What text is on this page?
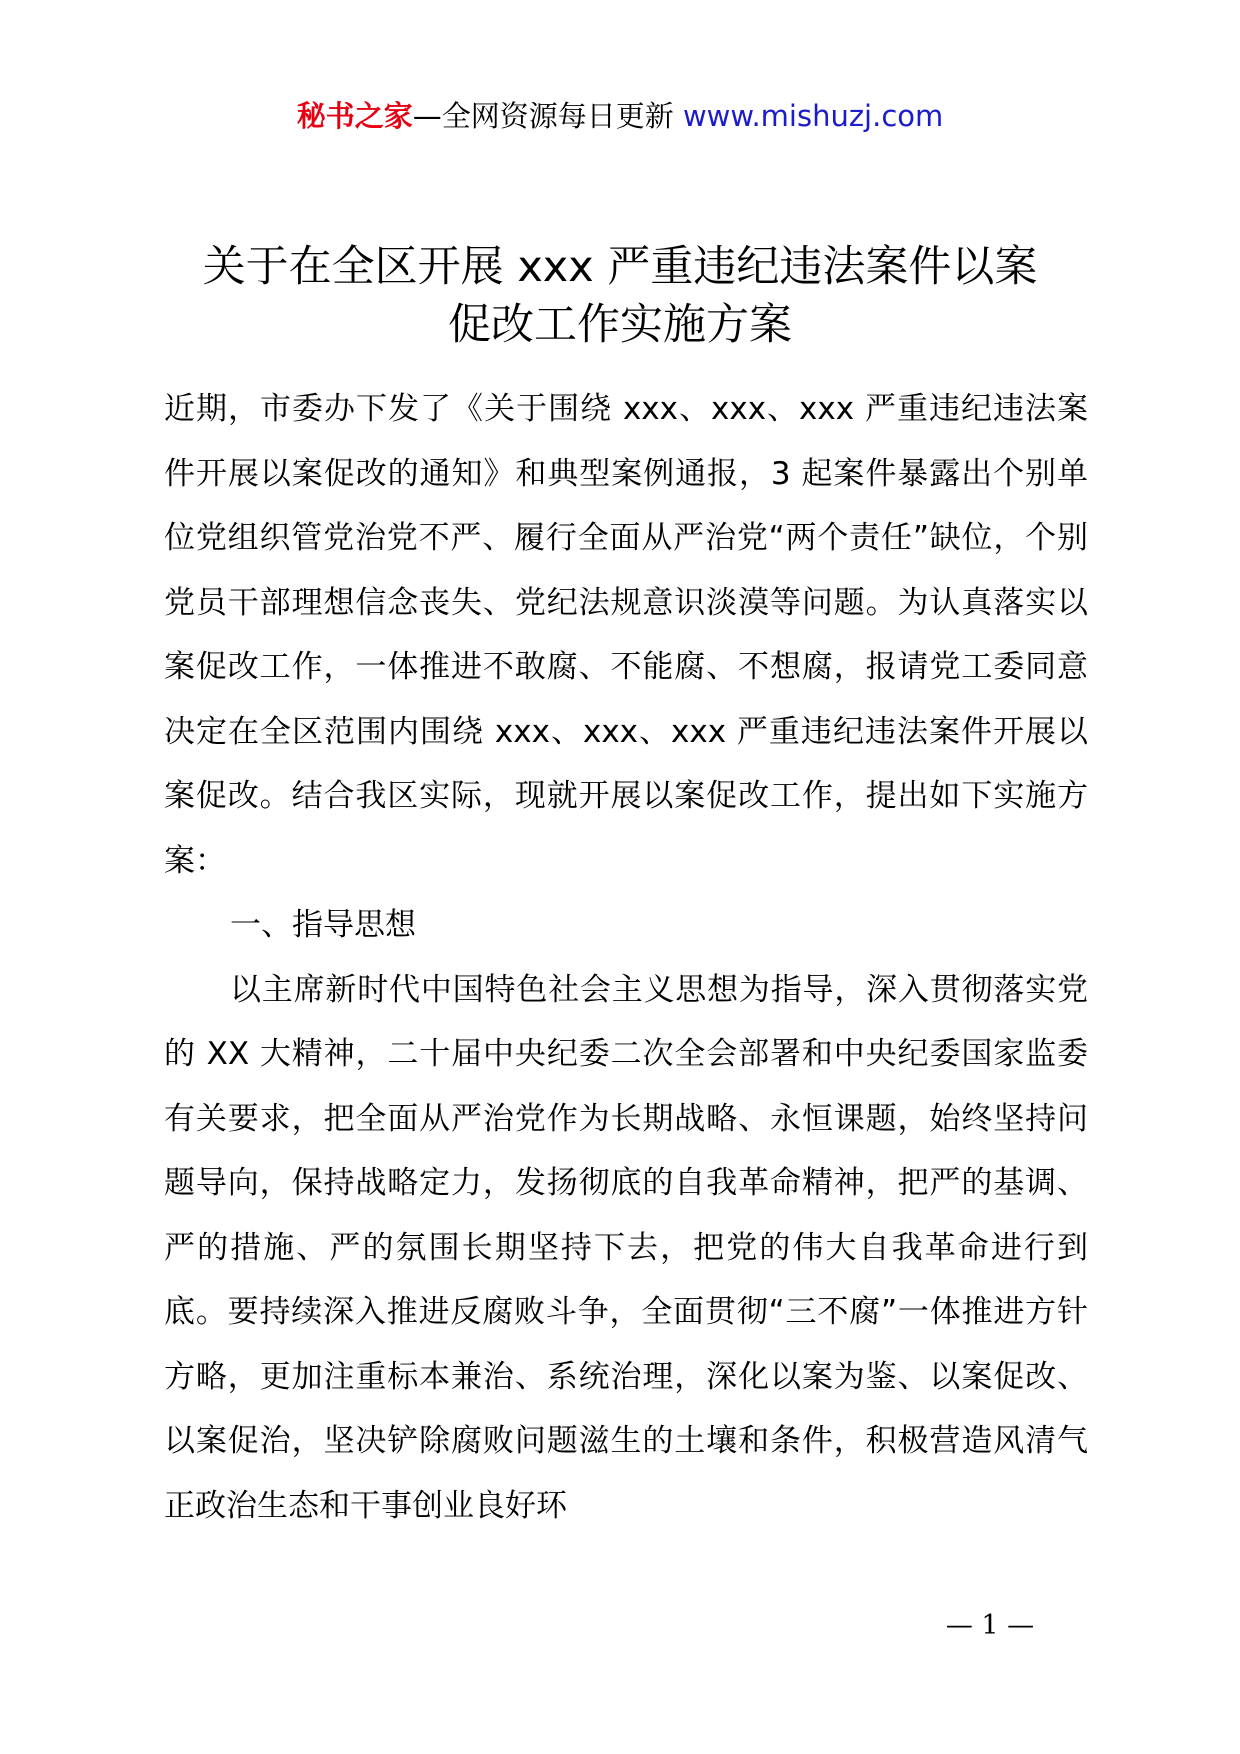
秘书之家—全网资源每日更新 www.mishuzj.com
关于在全区开展 xxx 严重违纪违法案件以案
促改工作实施方案

近期，市委办下发了《关于围绕 xxx、xxx、xxx 严重违纪违法案件开展以案促改的通知》和典型案例通报，3 起案件暴露出个别单位党组织管党治党不严、履行全面从严治党“两个责任”缺位，个别党员干部理想信念丧失、党纪法规意识淡漠等问题。为认真落实以案促改工作，一体推进不敢腐、不能腐、不想腐，报请党工委同意决定在全区范围内围绕 xxx、xxx、xxx 严重违纪违法案件开展以案促改。结合我区实际，现就开展以案促改工作，提出如下实施方案：

一、指导思想

以主席新时代中国特色社会主义思想为指导，深入贯彻落实党的 XX 大精神，二十届中央纪委二次全会部署和中央纪委国家监委有关要求，把全面从严治党作为长期战略、永恒课题，始终坚持问题导向，保持战略定力，发扬彻底的自我革命精神，把严的基调、严的措施、严的氛围长期坚持下去，把党的伟大自我革命进行到底。要持续深入推进反腐败斗争，全面贯彻“三不腐”一体推进方针方略，更加注重标本兼治、系统治理，深化以案为鉴、以案促改、以案促治，坚决铲除腐败问题滋生的土壤和条件，积极营造风清气正政治生态和干事创业良好环

— 1 —
